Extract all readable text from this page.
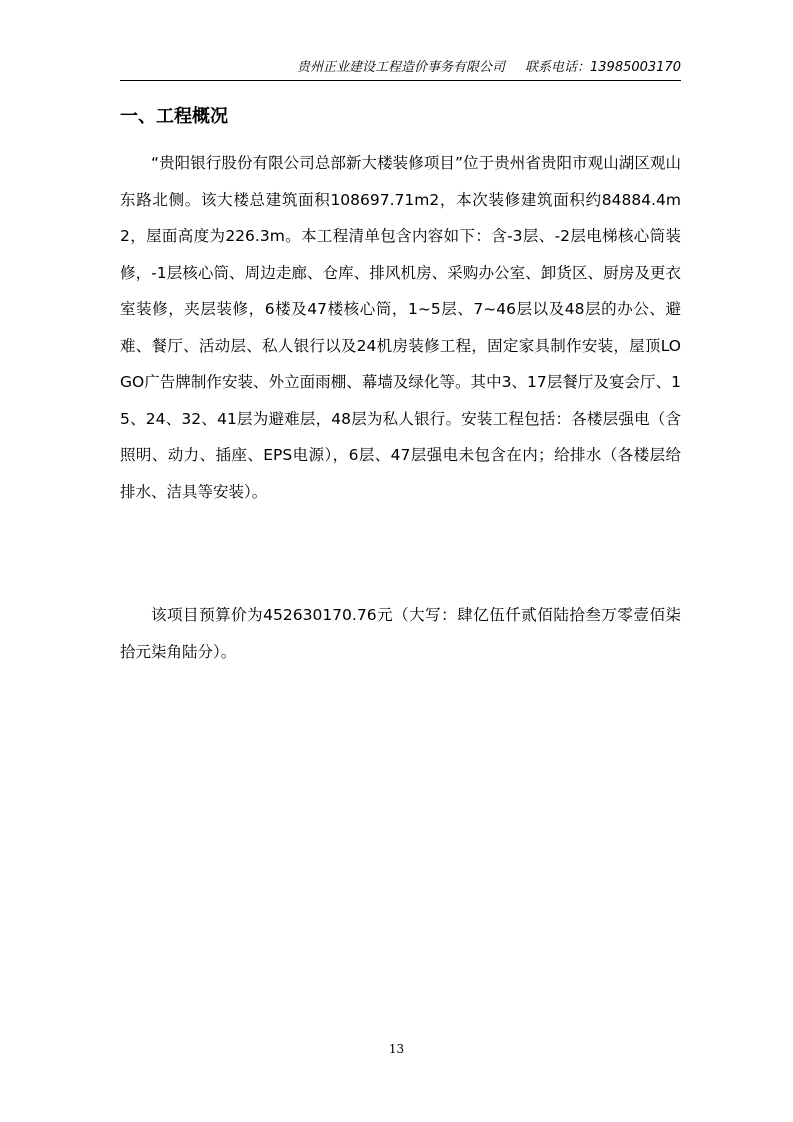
贵州正业建设工程造价事务有限公司 联系电话：13985003170
一、工程概况

“贵阳银行股份有限公司总部新大楼装修项目”位于贵州省贵阳市观山湖区观山东路北侧。该大楼总建筑面积108697.71m2，本次装修建筑面积约84884.4m2，屋面高度为226.3m。本工程清单包含内容如下：含-3层、-2层电梯核心筒装修，-1层核心筒、周边走廊、仓库、排风机房、采购办公室、卸货区、厨房及更衣室装修，夹层装修，6楼及47楼核心筒，1~5层、7~46层以及48层的办公、避难、餐厅、活动层、私人银行以及24机房装修工程，固定家具制作安装，屋顶LOGO广告牌制作安装、外立面雨棚、幕墙及绿化等。其中3、17层餐厅及宴会厅、15、24、32、41层为避难层，48层为私人银行。安装工程包括：各楼层强电（含照明、动力、插座、EPS电源），6层、47层强电未包含在内；给排水（各楼层给排水、洁具等安装）。

该项目预算价为452630170.76元（大写：肆亿伍仟贰佰陆拾叁万零壹佰柒拾元柒角陆分）。

13
